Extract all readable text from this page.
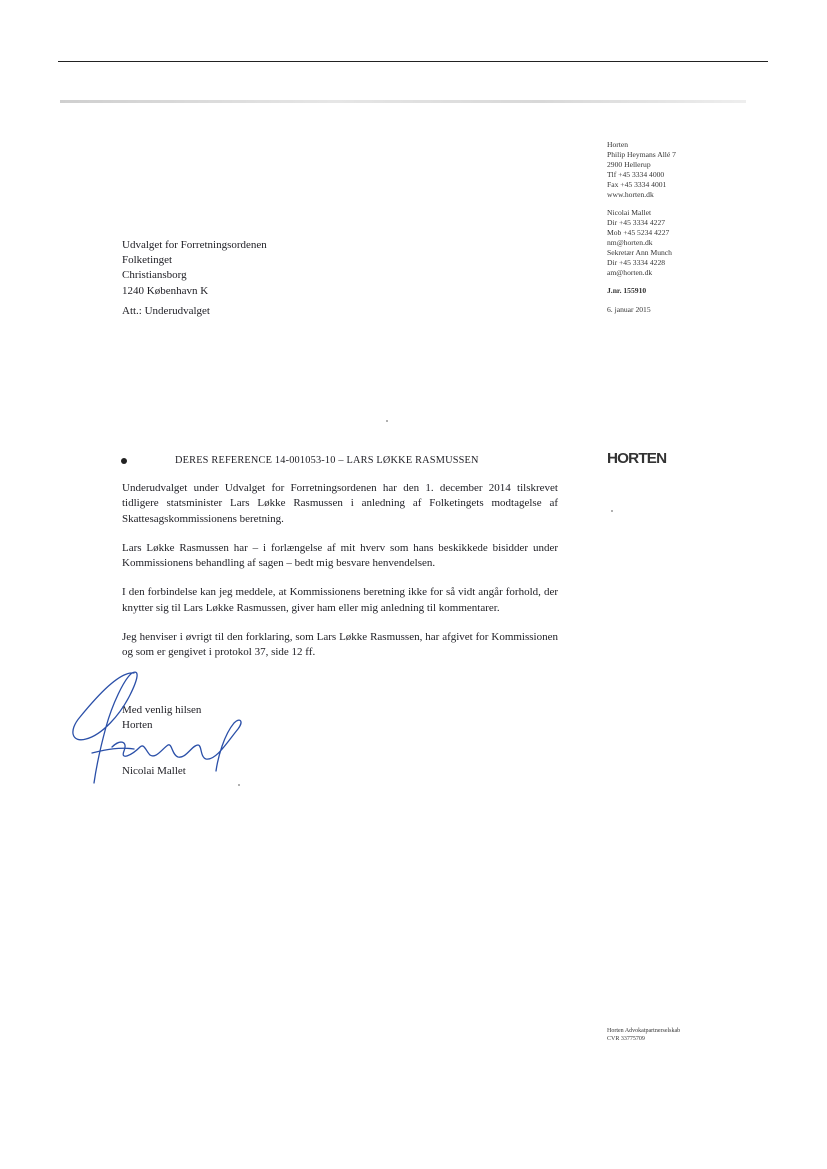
Horten
Philip Heymans Allé 7
2900 Hellerup
Tlf +45 3334 4000
Fax +45 3334 4001
www.horten.dk
Nicolai Mallet
Dir +45 3334 4227
Mob +45 5234 4227
nm@horten.dk
Sekretær Ann Munch
Dir +45 3334 4228
am@horten.dk
J.nr. 155910
6. januar 2015
Udvalget for Forretningsordenen
Folketinget
Christiansborg
1240 København K
Att.: Underudvalget
DERES REFERENCE 14-001053-10 – LARS LØKKE RASMUSSEN	HORTEN

Underudvalget under Udvalget for Forretningsordenen har den 1. december 2014 tilskrevet tidligere statsminister Lars Løkke Rasmussen i anledning af Folketingets modtagelse af Skattesagskommissionens beretning.

Lars Løkke Rasmussen har – i forlængelse af mit hverv som hans beskikkede bisidder under Kommissionens behandling af sagen – bedt mig besvare henvendelsen.

I den forbindelse kan jeg meddele, at Kommissionens beretning ikke for så vidt angår forhold, der knytter sig til Lars Løkke Rasmussen, giver ham eller mig anledning til kommentarer.

Jeg henviser i øvrigt til den forklaring, som Lars Løkke Rasmussen, har afgivet for Kommissionen og som er gengivet i protokol 37, side 12 ff.

Med venlig hilsen
Horten
Nicolai Mallet
Horten Advokatpartnerselskab
CVR 33775709
